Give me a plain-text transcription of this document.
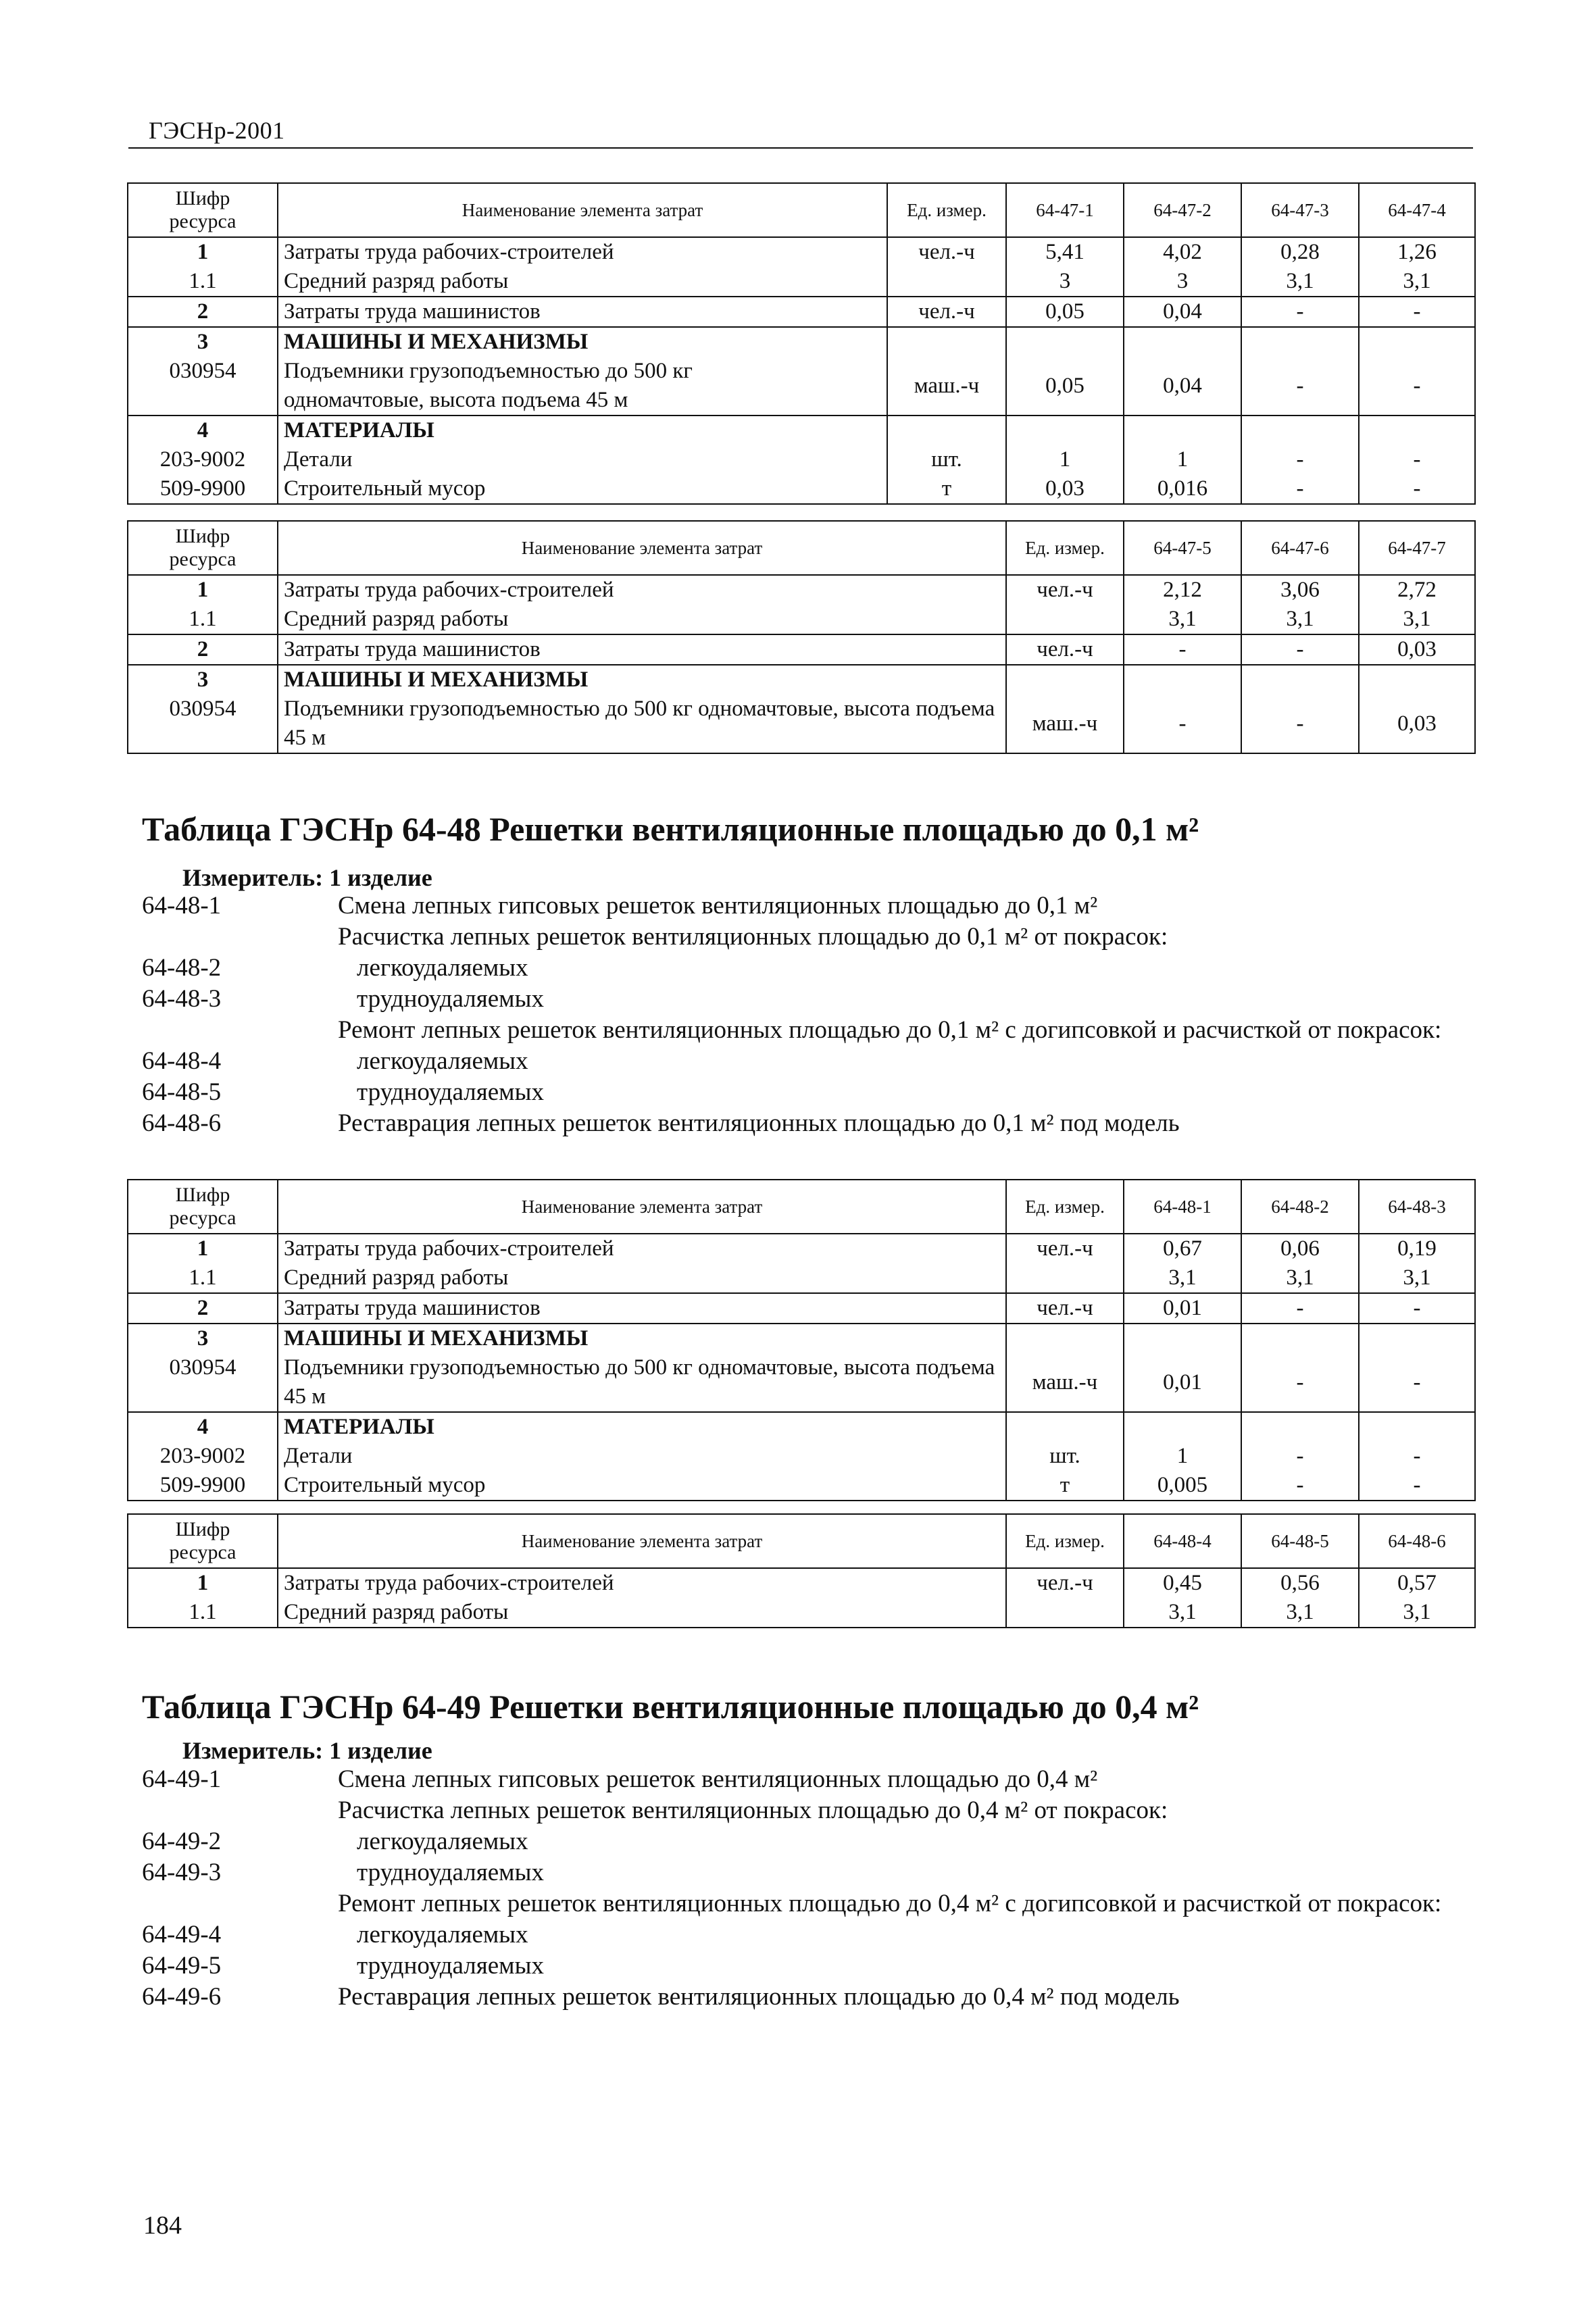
ГЭСНр-2001
Шифр
ресурса	Наименование элемента затрат	Ед. измер.	64-47-1	64-47-2	64-47-3	64-47-4
1	Затраты труда рабочих-строителей	чел.-ч	5,41	4,02	0,28	1,26
1.1	Средний разряд работы		3	3	3,1	3,1
2	Затраты труда машинистов	чел.-ч	0,05	0,04	-	-
3	МАШИНЫ И МЕХАНИЗМЫ					
030954	Подъемники грузоподъемностью до 500 кг одномачтовые, высота подъема 45 м	маш.-ч	0,05	0,04	-	-
4	МАТЕРИАЛЫ					
203-9002	Детали	шт.	1	1	-	-
509-9900	Строительный мусор	т	0,03	0,016	-	-
Шифр
ресурса	Наименование элемента затрат	Ед. измер.	64-47-5	64-47-6	64-47-7
1	Затраты труда рабочих-строителей	чел.-ч	2,12	3,06	2,72
1.1	Средний разряд работы		3,1	3,1	3,1
2	Затраты труда машинистов	чел.-ч	-	-	0,03
3	МАШИНЫ И МЕХАНИЗМЫ				
030954	Подъемники грузоподъемностью до 500 кг одномачтовые, высота подъема 45 м	маш.-ч	-	-	0,03
Таблица ГЭСНр 64-48 Решетки вентиляционные площадью до 0,1 м²
Измеритель: 1 изделие
64-48-1	Смена лепных гипсовых решеток вентиляционных площадью до 0,1 м²
Расчистка лепных решеток вентиляционных площадью до 0,1 м² от покрасок:
64-48-2	легкоудаляемых
64-48-3	трудноудаляемых
Ремонт лепных решеток вентиляционных площадью до 0,1 м² с догипсовкой и расчисткой от покрасок:
64-48-4	легкоудаляемых
64-48-5	трудноудаляемых
64-48-6	Реставрация лепных решеток вентиляционных площадью до 0,1 м² под модель
Шифр
ресурса	Наименование элемента затрат	Ед. измер.	64-48-1	64-48-2	64-48-3
1	Затраты труда рабочих-строителей	чел.-ч	0,67	0,06	0,19
1.1	Средний разряд работы		3,1	3,1	3,1
2	Затраты труда машинистов	чел.-ч	0,01	-	-
3	МАШИНЫ И МЕХАНИЗМЫ				
030954	Подъемники грузоподъемностью до 500 кг одномачтовые, высота подъема 45 м	маш.-ч	0,01	-	-
4	МАТЕРИАЛЫ				
203-9002	Детали	шт.	1	-	-
509-9900	Строительный мусор	т	0,005	-	-
Шифр
ресурса	Наименование элемента затрат	Ед. измер.	64-48-4	64-48-5	64-48-6
1	Затраты труда рабочих-строителей	чел.-ч	0,45	0,56	0,57
1.1	Средний разряд работы		3,1	3,1	3,1
Таблица ГЭСНр 64-49 Решетки вентиляционные площадью до 0,4 м²
Измеритель: 1 изделие
64-49-1	Смена лепных гипсовых решеток вентиляционных площадью до 0,4 м²
Расчистка лепных решеток вентиляционных площадью до 0,4 м² от покрасок:
64-49-2	легкоудаляемых
64-49-3	трудноудаляемых
Ремонт лепных решеток вентиляционных площадью до 0,4 м² с догипсовкой и расчисткой от покрасок:
64-49-4	легкоудаляемых
64-49-5	трудноудаляемых
64-49-6	Реставрация лепных решеток вентиляционных площадью до 0,4 м² под модель
184
